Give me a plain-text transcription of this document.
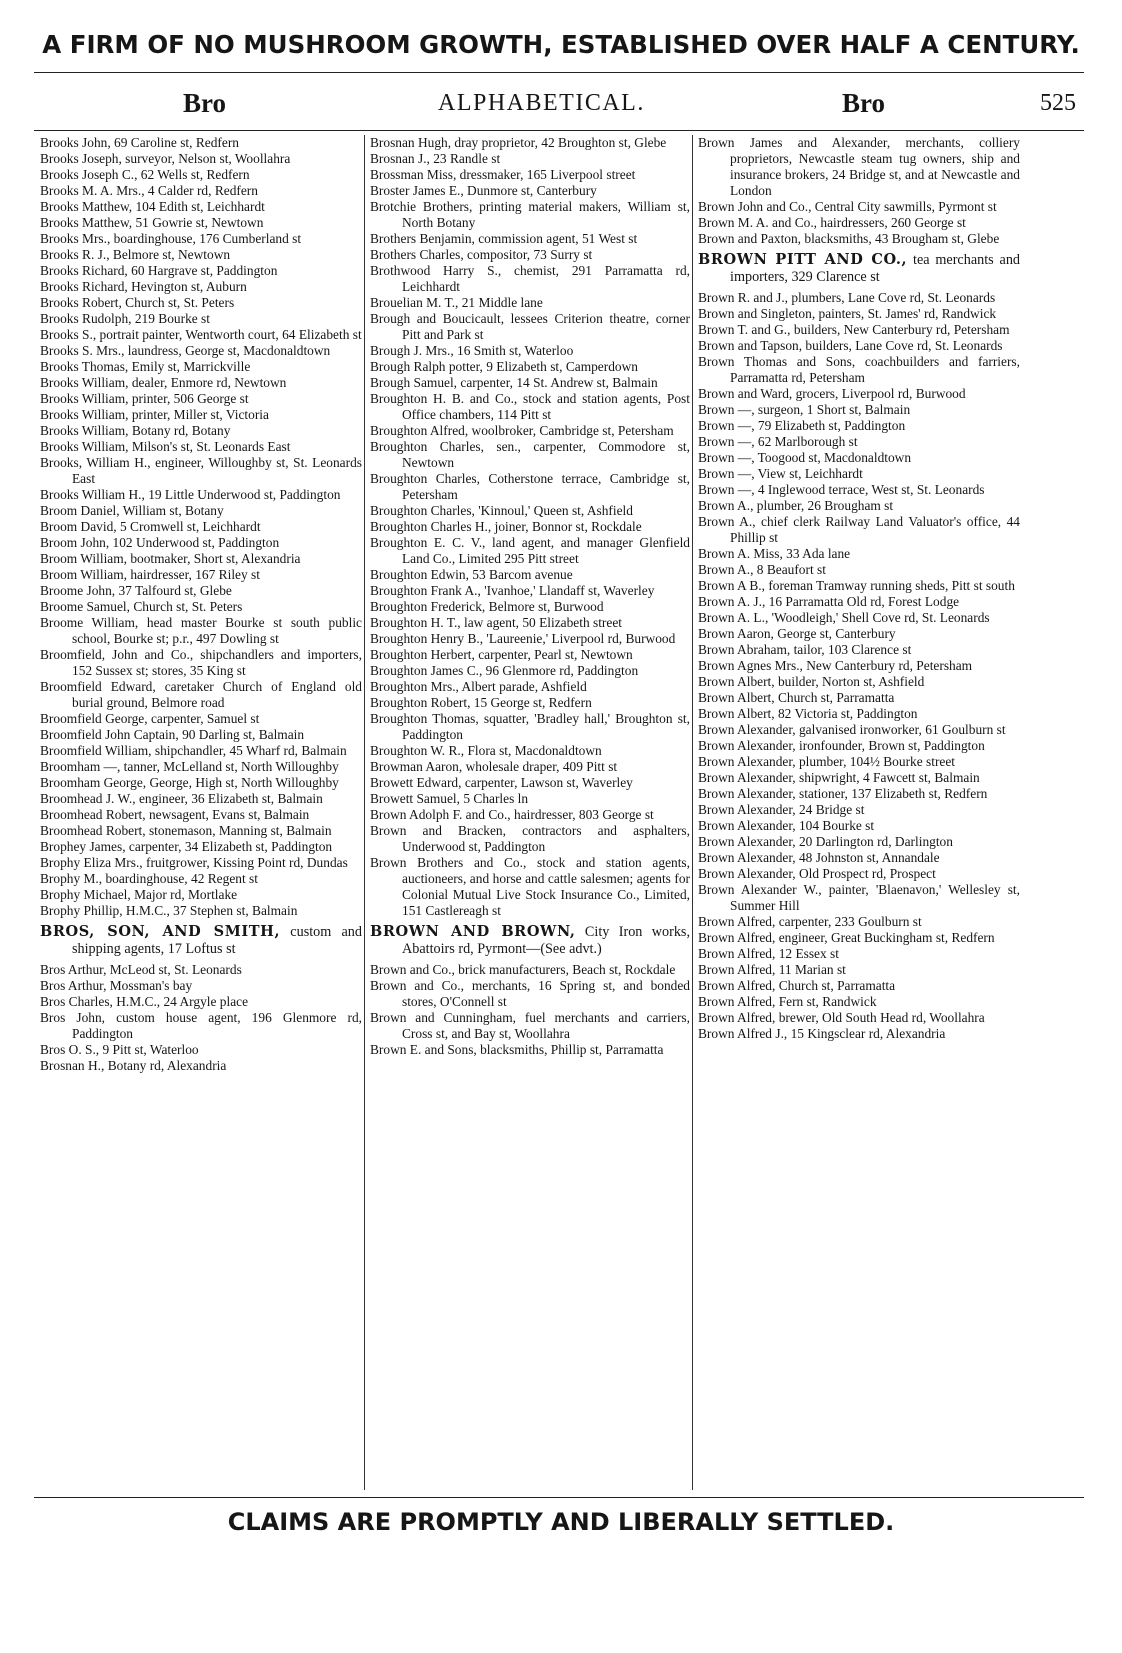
A FIRM OF NO MUSHROOM GROWTH, ESTABLISHED OVER HALF A CENTURY.
Bro	ALPHABETICAL.	Bro	525

Brooks John, 69 Caroline st, Redfern

Brooks Joseph, surveyor, Nelson st, Woollahra

Brooks Joseph C., 62 Wells st, Redfern

Brooks M. A. Mrs., 4 Calder rd, Redfern

Brooks Matthew, 104 Edith st, Leichhardt

Brooks Matthew, 51 Gowrie st, Newtown

Brooks Mrs., boardinghouse, 176 Cumberland st

Brooks R. J., Belmore st, Newtown

Brooks Richard, 60 Hargrave st, Paddington

Brooks Richard, Hevington st, Auburn

Brooks Robert, Church st, St. Peters

Brooks Rudolph, 219 Bourke st

Brooks S., portrait painter, Wentworth court, 64 Elizabeth st

Brooks S. Mrs., laundress, George st, Macdonaldtown

Brooks Thomas, Emily st, Marrickville

Brooks William, dealer, Enmore rd, Newtown

Brooks William, printer, 506 George st

Brooks William, printer, Miller st, Victoria

Brooks William, Botany rd, Botany

Brooks William, Milson's st, St. Leonards East

Brooks, William H., engineer, Willoughby st, St. Leonards East

Brooks William H., 19 Little Underwood st, Paddington

Broom Daniel, William st, Botany

Broom David, 5 Cromwell st, Leichhardt

Broom John, 102 Underwood st, Paddington

Broom William, bootmaker, Short st, Alexandria

Broom William, hairdresser, 167 Riley st

Broome John, 37 Talfourd st, Glebe

Broome Samuel, Church st, St. Peters

Broome William, head master Bourke st south public school, Bourke st; p.r., 497 Dowling st

Broomfield, John and Co., shipchandlers and importers, 152 Sussex st; stores, 35 King st

Broomfield Edward, caretaker Church of England old burial ground, Belmore road

Broomfield George, carpenter, Samuel st

Broomfield John Captain, 90 Darling st, Balmain

Broomfield William, shipchandler, 45 Wharf rd, Balmain

Broomham —, tanner, McLelland st, North Willoughby

Broomham George, George, High st, North Willoughby

Broomhead J. W., engineer, 36 Elizabeth st, Balmain

Broomhead Robert, newsagent, Evans st, Balmain

Broomhead Robert, stonemason, Manning st, Balmain

Brophey James, carpenter, 34 Elizabeth st, Paddington

Brophy Eliza Mrs., fruitgrower, Kissing Point rd, Dundas

Brophy M., boardinghouse, 42 Regent st

Brophy Michael, Major rd, Mortlake

Brophy Phillip, H.M.C., 37 Stephen st, Balmain

BROS, SON, AND SMITH, custom and shipping agents, 17 Loftus st

Bros Arthur, McLeod st, St. Leonards

Bros Arthur, Mossman's bay

Bros Charles, H.M.C., 24 Argyle place

Bros John, custom house agent, 196 Glenmore rd, Paddington

Bros O. S., 9 Pitt st, Waterloo

Brosnan H., Botany rd, Alexandria

Brosnan Hugh, dray proprietor, 42 Broughton st, Glebe

Brosnan J., 23 Randle st

Brossman Miss, dressmaker, 165 Liverpool street

Broster James E., Dunmore st, Canterbury

Brotchie Brothers, printing material makers, William st, North Botany

Brothers Benjamin, commission agent, 51 West st

Brothers Charles, compositor, 73 Surry st

Brothwood Harry S., chemist, 291 Parramatta rd, Leichhardt

Brouelian M. T., 21 Middle lane

Brough and Boucicault, lessees Criterion theatre, corner Pitt and Park st

Brough J. Mrs., 16 Smith st, Waterloo

Brough Ralph potter, 9 Elizabeth st, Camperdown

Brough Samuel, carpenter, 14 St. Andrew st, Balmain

Broughton H. B. and Co., stock and station agents, Post Office chambers, 114 Pitt st

Broughton Alfred, woolbroker, Cambridge st, Petersham

Broughton Charles, sen., carpenter, Commodore st, Newtown

Broughton Charles, Cotherstone terrace, Cambridge st, Petersham

Broughton Charles, 'Kinnoul,' Queen st, Ashfield

Broughton Charles H., joiner, Bonnor st, Rockdale

Broughton E. C. V., land agent, and manager Glenfield Land Co., Limited 295 Pitt street

Broughton Edwin, 53 Barcom avenue

Broughton Frank A., 'Ivanhoe,' Llandaff st, Waverley

Broughton Frederick, Belmore st, Burwood

Broughton H. T., law agent, 50 Elizabeth street

Broughton Henry B., 'Laureenie,' Liverpool rd, Burwood

Broughton Herbert, carpenter, Pearl st, Newtown

Broughton James C., 96 Glenmore rd, Paddington

Broughton Mrs., Albert parade, Ashfield

Broughton Robert, 15 George st, Redfern

Broughton Thomas, squatter, 'Bradley hall,' Broughton st, Paddington

Broughton W. R., Flora st, Macdonaldtown

Browman Aaron, wholesale draper, 409 Pitt st

Browett Edward, carpenter, Lawson st, Waverley

Browett Samuel, 5 Charles ln

Brown Adolph F. and Co., hairdresser, 803 George st

Brown and Bracken, contractors and asphalters, Underwood st, Paddington

Brown Brothers and Co., stock and station agents, auctioneers, and horse and cattle salesmen; agents for Colonial Mutual Live Stock Insurance Co., Limited, 151 Castlereagh st

BROWN AND BROWN, City Iron works, Abattoirs rd, Pyrmont—(See advt.)

Brown and Co., brick manufacturers, Beach st, Rockdale

Brown and Co., merchants, 16 Spring st, and bonded stores, O'Connell st

Brown and Cunningham, fuel merchants and carriers, Cross st, and Bay st, Woollahra

Brown E. and Sons, blacksmiths, Phillip st, Parramatta

Brown James and Alexander, merchants, colliery proprietors, Newcastle steam tug owners, ship and insurance brokers, 24 Bridge st, and at Newcastle and London

Brown John and Co., Central City sawmills, Pyrmont st

Brown M. A. and Co., hairdressers, 260 George st

Brown and Paxton, blacksmiths, 43 Brougham st, Glebe

BROWN PITT AND CO., tea merchants and importers, 329 Clarence st

Brown R. and J., plumbers, Lane Cove rd, St. Leonards

Brown and Singleton, painters, St. James' rd, Randwick

Brown T. and G., builders, New Canterbury rd, Petersham

Brown and Tapson, builders, Lane Cove rd, St. Leonards

Brown Thomas and Sons, coachbuilders and farriers, Parramatta rd, Petersham

Brown and Ward, grocers, Liverpool rd, Burwood

Brown —, surgeon, 1 Short st, Balmain

Brown —, 79 Elizabeth st, Paddington

Brown —, 62 Marlborough st

Brown —, Toogood st, Macdonaldtown

Brown —, View st, Leichhardt

Brown —, 4 Inglewood terrace, West st, St. Leonards

Brown A., plumber, 26 Brougham st

Brown A., chief clerk Railway Land Valuator's office, 44 Phillip st

Brown A. Miss, 33 Ada lane

Brown A., 8 Beaufort st

Brown A B., foreman Tramway running sheds, Pitt st south

Brown A. J., 16 Parramatta Old rd, Forest Lodge

Brown A. L., 'Woodleigh,' Shell Cove rd, St. Leonards

Brown Aaron, George st, Canterbury

Brown Abraham, tailor, 103 Clarence st

Brown Agnes Mrs., New Canterbury rd, Petersham

Brown Albert, builder, Norton st, Ashfield

Brown Albert, Church st, Parramatta

Brown Albert, 82 Victoria st, Paddington

Brown Alexander, galvanised ironworker, 61 Goulburn st

Brown Alexander, ironfounder, Brown st, Paddington

Brown Alexander, plumber, 104½ Bourke street

Brown Alexander, shipwright, 4 Fawcett st, Balmain

Brown Alexander, stationer, 137 Elizabeth st, Redfern

Brown Alexander, 24 Bridge st

Brown Alexander, 104 Bourke st

Brown Alexander, 20 Darlington rd, Darlington

Brown Alexander, 48 Johnston st, Annandale

Brown Alexander, Old Prospect rd, Prospect

Brown Alexander W., painter, 'Blaenavon,' Wellesley st, Summer Hill

Brown Alfred, carpenter, 233 Goulburn st

Brown Alfred, engineer, Great Buckingham st, Redfern

Brown Alfred, 12 Essex st

Brown Alfred, 11 Marian st

Brown Alfred, Church st, Parramatta

Brown Alfred, Fern st, Randwick

Brown Alfred, brewer, Old South Head rd, Woollahra

Brown Alfred J., 15 Kingsclear rd, Alexandria

CLAIMS ARE PROMPTLY AND LIBERALLY SETTLED.
